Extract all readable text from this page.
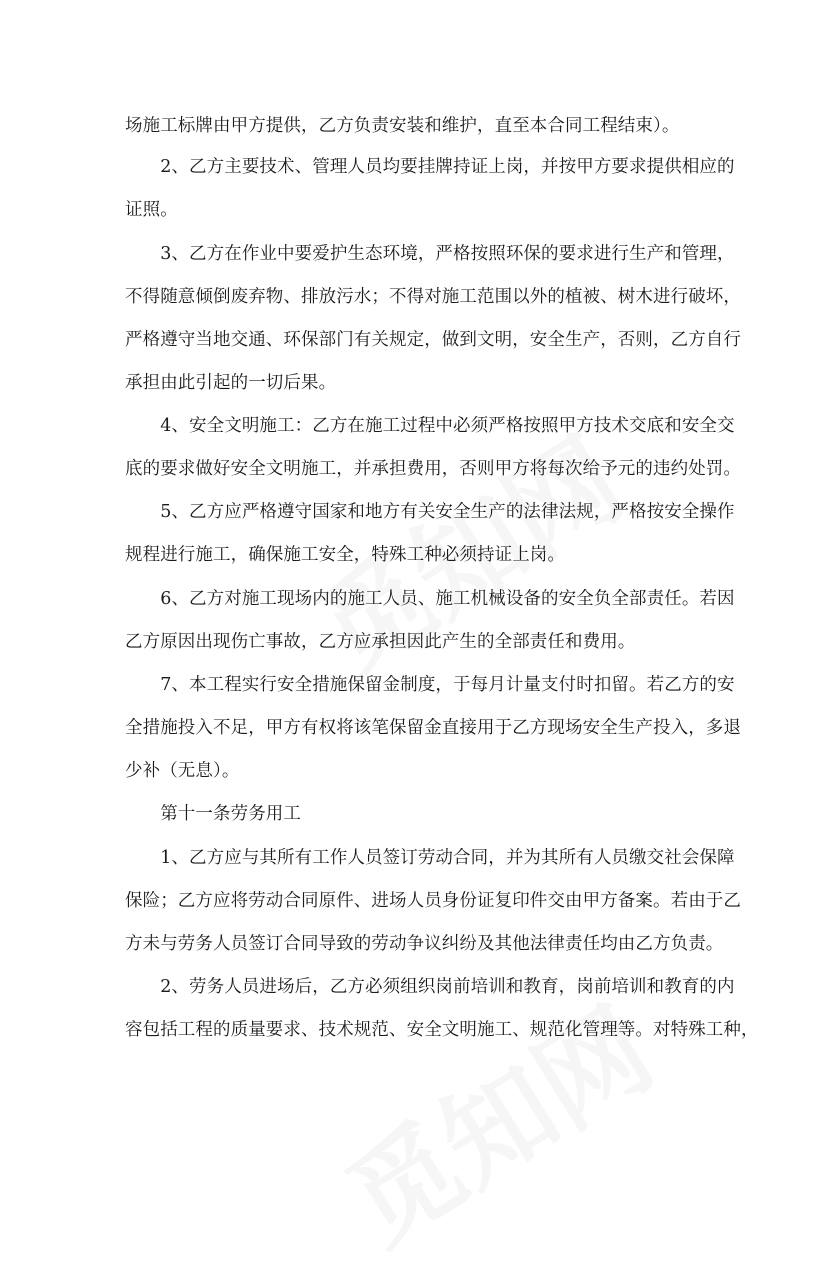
场施工标牌由甲方提供，乙方负责安装和维护，直至本合同工程结束）。
　　2、乙方主要技术、管理人员均要挂牌持证上岗，并按甲方要求提供相应的
证照。
　　3、乙方在作业中要爱护生态环境，严格按照环保的要求进行生产和管理，
不得随意倾倒废弃物、排放污水；不得对施工范围以外的植被、树木进行破坏，
严格遵守当地交通、环保部门有关规定，做到文明，安全生产，否则，乙方自行
承担由此引起的一切后果。
　　4、安全文明施工：乙方在施工过程中必须严格按照甲方技术交底和安全交
底的要求做好安全文明施工，并承担费用，否则甲方将每次给予元的违约处罚。
　　5、乙方应严格遵守国家和地方有关安全生产的法律法规，严格按安全操作
规程进行施工，确保施工安全，特殊工种必须持证上岗。
　　6、乙方对施工现场内的施工人员、施工机械设备的安全负全部责任。若因
乙方原因出现伤亡事故，乙方应承担因此产生的全部责任和费用。
　　7、本工程实行安全措施保留金制度，于每月计量支付时扣留。若乙方的安
全措施投入不足，甲方有权将该笔保留金直接用于乙方现场安全生产投入，多退
少补（无息）。
　　第十一条劳务用工
　　1、乙方应与其所有工作人员签订劳动合同，并为其所有人员缴交社会保障
保险；乙方应将劳动合同原件、进场人员身份证复印件交由甲方备案。若由于乙
方未与劳务人员签订合同导致的劳动争议纠纷及其他法律责任均由乙方负责。
　　2、劳务人员进场后，乙方必须组织岗前培训和教育，岗前培训和教育的内
容包括工程的质量要求、技术规范、安全文明施工、规范化管理等。对特殊工种，
